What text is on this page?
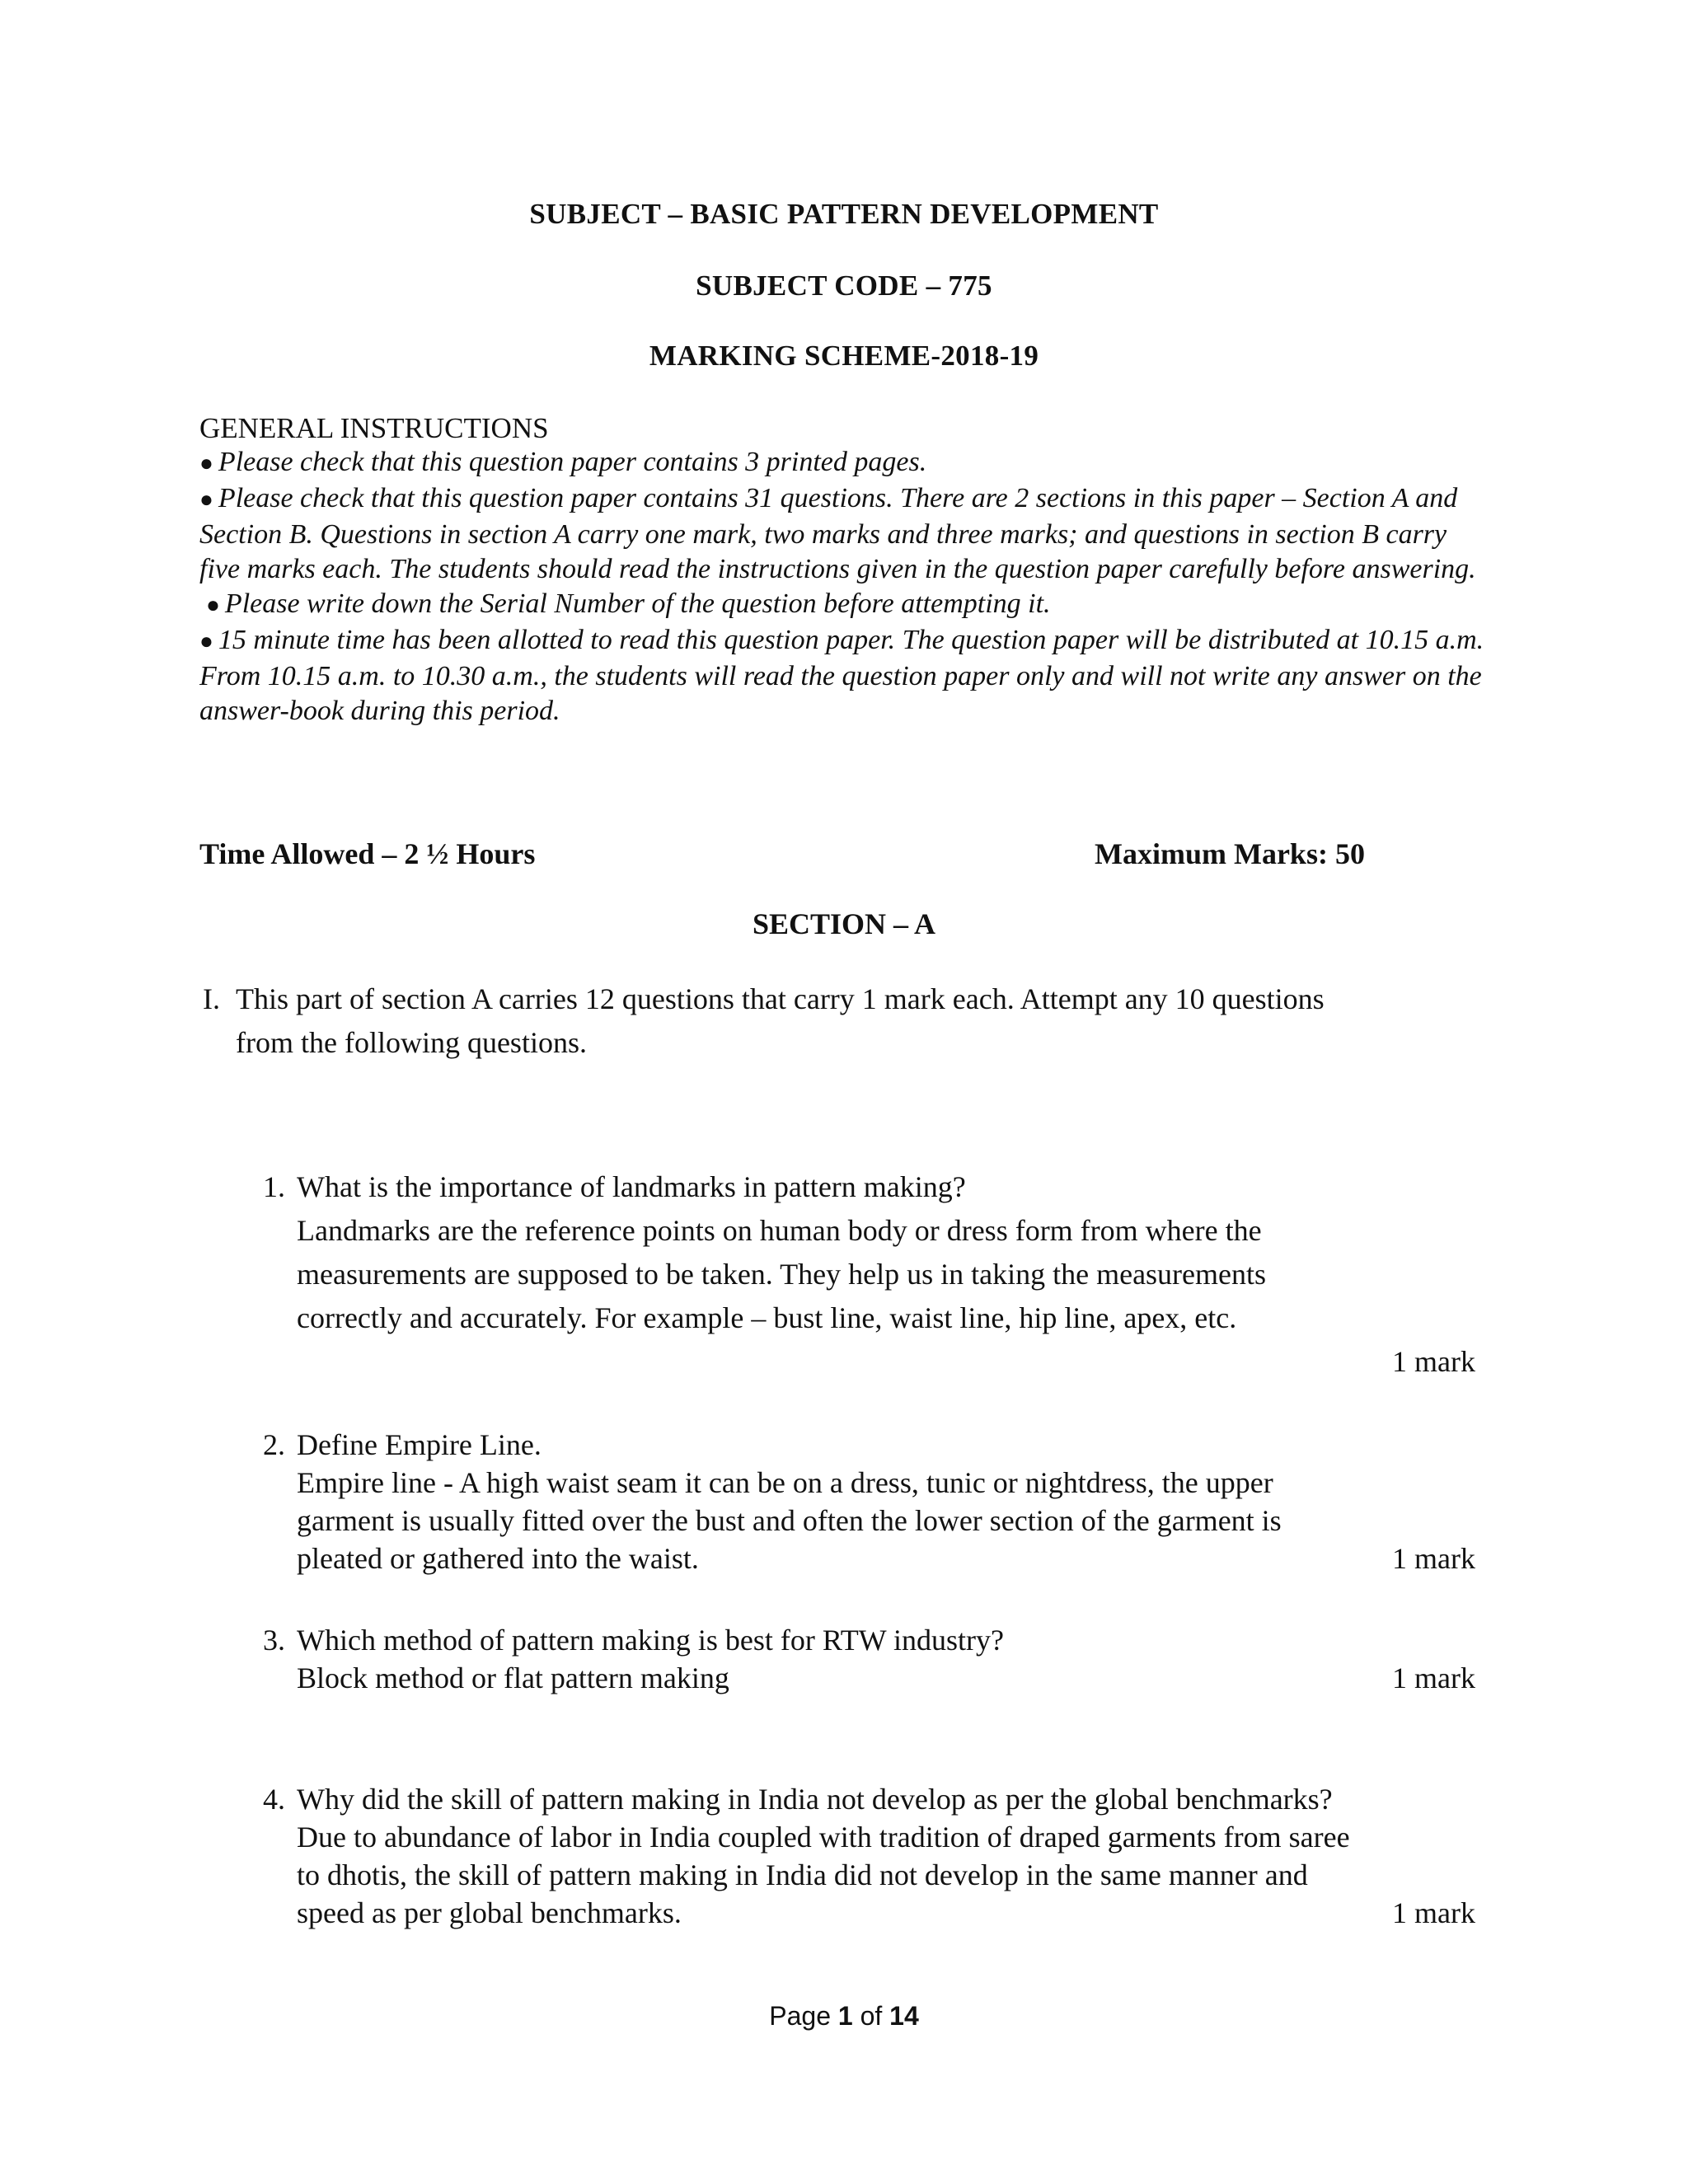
SUBJECT – BASIC PATTERN DEVELOPMENT
SUBJECT CODE – 775
MARKING SCHEME-2018-19
GENERAL INSTRUCTIONS

● Please check that this question paper contains 3 printed pages.

● Please check that this question paper contains 31 questions. There are 2 sections in this paper – Section A and Section B. Questions in section A carry one mark, two marks and three marks; and questions in section B carry five marks each. The students should read the instructions given in the question paper carefully before answering.

● Please write down the Serial Number of the question before attempting it.

● 15 minute time has been allotted to read this question paper. The question paper will be distributed at 10.15 a.m. From 10.15 a.m. to 10.30 a.m., the students will read the question paper only and will not write any answer on the answer-book during this period.

Time Allowed – 2 ½ Hours	Maximum Marks: 50
SECTION – A
I. This part of section A carries 12 questions that carry 1 mark each. Attempt any 10 questions
from the following questions.
1. What is the importance of landmarks in pattern making?

Landmarks are the reference points on human body or dress form from where the

measurements are supposed to be taken. They help us in taking the measurements

correctly and accurately. For example – bust line, waist line, hip line, apex, etc.

1 mark

2. Define Empire Line.

Empire line - A high waist seam it can be on a dress, tunic or nightdress, the upper

garment is usually fitted over the bust and often the lower section of the garment is

pleated or gathered into the waist.	1 mark

3. Which method of pattern making is best for RTW industry?

Block method or flat pattern making	1 mark

4. Why did the skill of pattern making in India not develop as per the global benchmarks?

Due to abundance of labor in India coupled with tradition of draped garments from saree

to dhotis, the skill of pattern making in India did not develop in the same manner and

speed as per global benchmarks.	1 mark

Page 1 of 14
